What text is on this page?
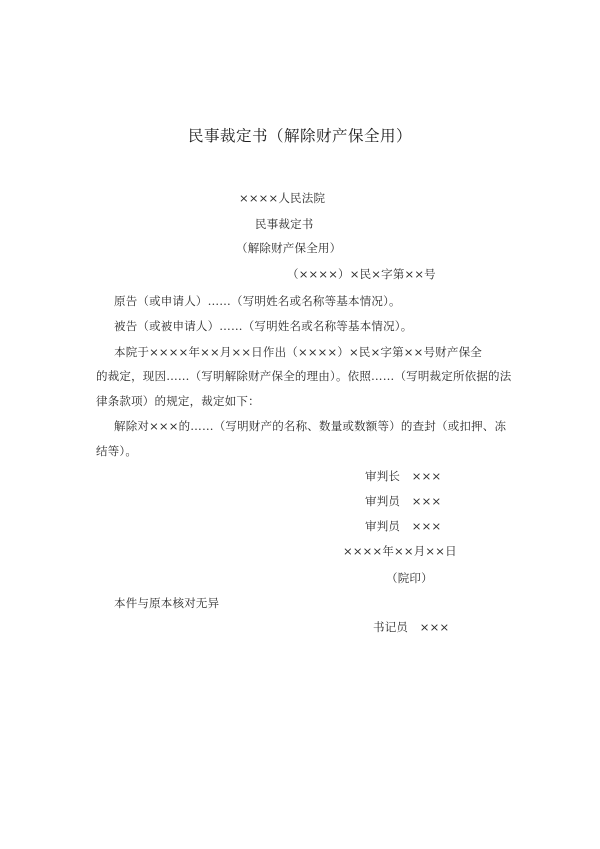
民事裁定书（解除财产保全用）
××××人民法院
民事裁定书
（解除财产保全用）
（××××）×民×字第××号
原告（或申请人）……（写明姓名或名称等基本情况）。
被告（或被申请人）……（写明姓名或名称等基本情况）。
本院于××××年××月××日作出（××××）×民×字第××号财产保全
的裁定，现因……（写明解除财产保全的理由）。依照……（写明裁定所依据的法
律条款项）的规定，裁定如下：
解除对×××的……（写明财产的名称、数量或数额等）的查封（或扣押、冻
结等）。
审判长　×××
审判员　×××
审判员　×××
××××年××月××日
（院印）
本件与原本核对无异
书记员　×××
